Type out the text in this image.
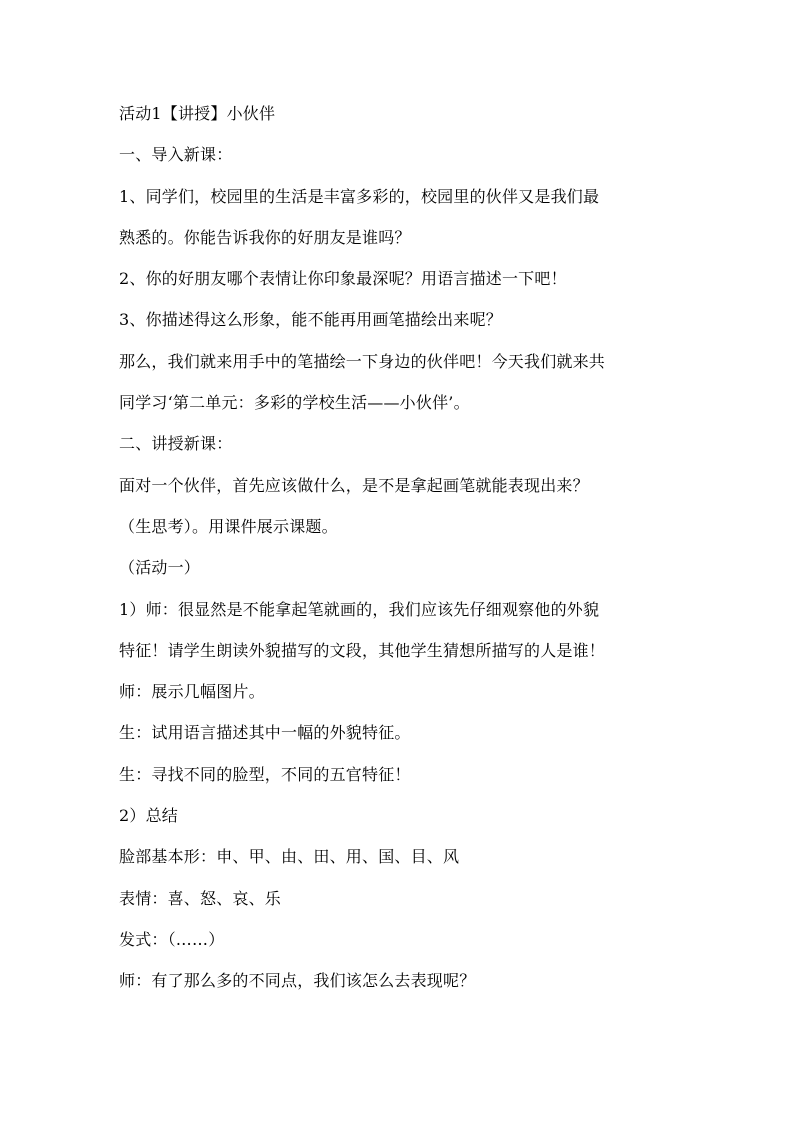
活动1【讲授】小伙伴
一、导入新课：
1、同学们，校园里的生活是丰富多彩的，校园里的伙伴又是我们最
熟悉的。你能告诉我你的好朋友是谁吗？
2、你的好朋友哪个表情让你印象最深呢？用语言描述一下吧！
3、你描述得这么形象，能不能再用画笔描绘出来呢？
那么，我们就来用手中的笔描绘一下身边的伙伴吧！今天我们就来共
同学习‘第二单元：多彩的学校生活——小伙伴’。
二、讲授新课：
面对一个伙伴，首先应该做什么，是不是拿起画笔就能表现出来？
（生思考）。用课件展示课题。
（活动一）
1）师：很显然是不能拿起笔就画的，我们应该先仔细观察他的外貌
特征！请学生朗读外貌描写的文段，其他学生猜想所描写的人是谁！
师：展示几幅图片。
生：试用语言描述其中一幅的外貌特征。
生：寻找不同的脸型，不同的五官特征！
2）总结
脸部基本形：申、甲、由、田、用、国、目、风
表情：喜、怒、哀、乐
发式：（……）
师：有了那么多的不同点，我们该怎么去表现呢？
